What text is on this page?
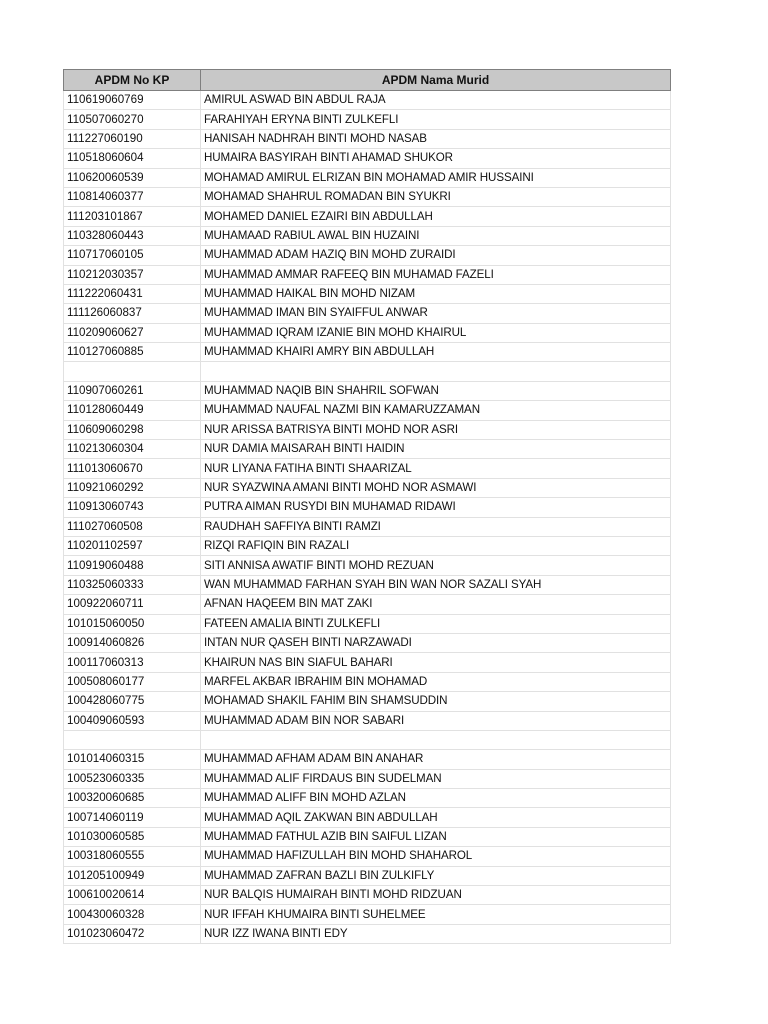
APDM No KP	APDM Nama Murid
110619060769	AMIRUL ASWAD BIN ABDUL RAJA
110507060270	FARAHIYAH ERYNA BINTI ZULKEFLI
111227060190	HANISAH NADHRAH BINTI MOHD NASAB
110518060604	HUMAIRA BASYIRAH BINTI AHAMAD SHUKOR
110620060539	MOHAMAD AMIRUL ELRIZAN BIN MOHAMAD AMIR HUSSAINI
110814060377	MOHAMAD SHAHRUL ROMADAN BIN SYUKRI
111203101867	MOHAMED DANIEL EZAIRI BIN ABDULLAH
110328060443	MUHAMAAD RABIUL AWAL BIN HUZAINI
110717060105	MUHAMMAD ADAM HAZIQ BIN MOHD ZURAIDI
110212030357	MUHAMMAD AMMAR RAFEEQ BIN MUHAMAD FAZELI
111222060431	MUHAMMAD HAIKAL BIN MOHD NIZAM
111126060837	MUHAMMAD IMAN BIN SYAIFFUL ANWAR
110209060627	MUHAMMAD IQRAM IZANIE BIN MOHD KHAIRUL
110127060885	MUHAMMAD KHAIRI AMRY BIN ABDULLAH

110907060261	MUHAMMAD NAQIB BIN SHAHRIL SOFWAN
110128060449	MUHAMMAD NAUFAL NAZMI BIN KAMARUZZAMAN
110609060298	NUR ARISSA BATRISYA BINTI MOHD NOR ASRI
110213060304	NUR DAMIA MAISARAH BINTI HAIDIN
111013060670	NUR LIYANA FATIHA BINTI SHAARIZAL
110921060292	NUR SYAZWINA AMANI BINTI MOHD NOR ASMAWI
110913060743	PUTRA AIMAN RUSYDI BIN MUHAMAD RIDAWI
111027060508	RAUDHAH SAFFIYA BINTI RAMZI
110201102597	RIZQI RAFIQIN BIN RAZALI
110919060488	SITI ANNISA AWATIF BINTI MOHD REZUAN
110325060333	WAN MUHAMMAD FARHAN SYAH BIN WAN NOR SAZALI SYAH
100922060711	AFNAN HAQEEM BIN MAT ZAKI
101015060050	FATEEN AMALIA BINTI ZULKEFLI
100914060826	INTAN NUR QASEH BINTI NARZAWADI
100117060313	KHAIRUN NAS BIN SIAFUL BAHARI
100508060177	MARFEL AKBAR IBRAHIM BIN MOHAMAD
100428060775	MOHAMAD SHAKIL FAHIM BIN SHAMSUDDIN
100409060593	MUHAMMAD ADAM BIN NOR SABARI

101014060315	MUHAMMAD AFHAM ADAM BIN ANAHAR
100523060335	MUHAMMAD ALIF FIRDAUS BIN SUDELMAN
100320060685	MUHAMMAD ALIFF BIN MOHD AZLAN
100714060119	MUHAMMAD AQIL ZAKWAN BIN ABDULLAH
101030060585	MUHAMMAD FATHUL AZIB BIN SAIFUL LIZAN
100318060555	MUHAMMAD HAFIZULLAH BIN MOHD SHAHAROL
101205100949	MUHAMMAD ZAFRAN BAZLI BIN ZULKIFLY
100610020614	NUR BALQIS HUMAIRAH BINTI MOHD RIDZUAN
100430060328	NUR IFFAH KHUMAIRA BINTI SUHELMEE
101023060472	NUR IZZ IWANA BINTI EDY
